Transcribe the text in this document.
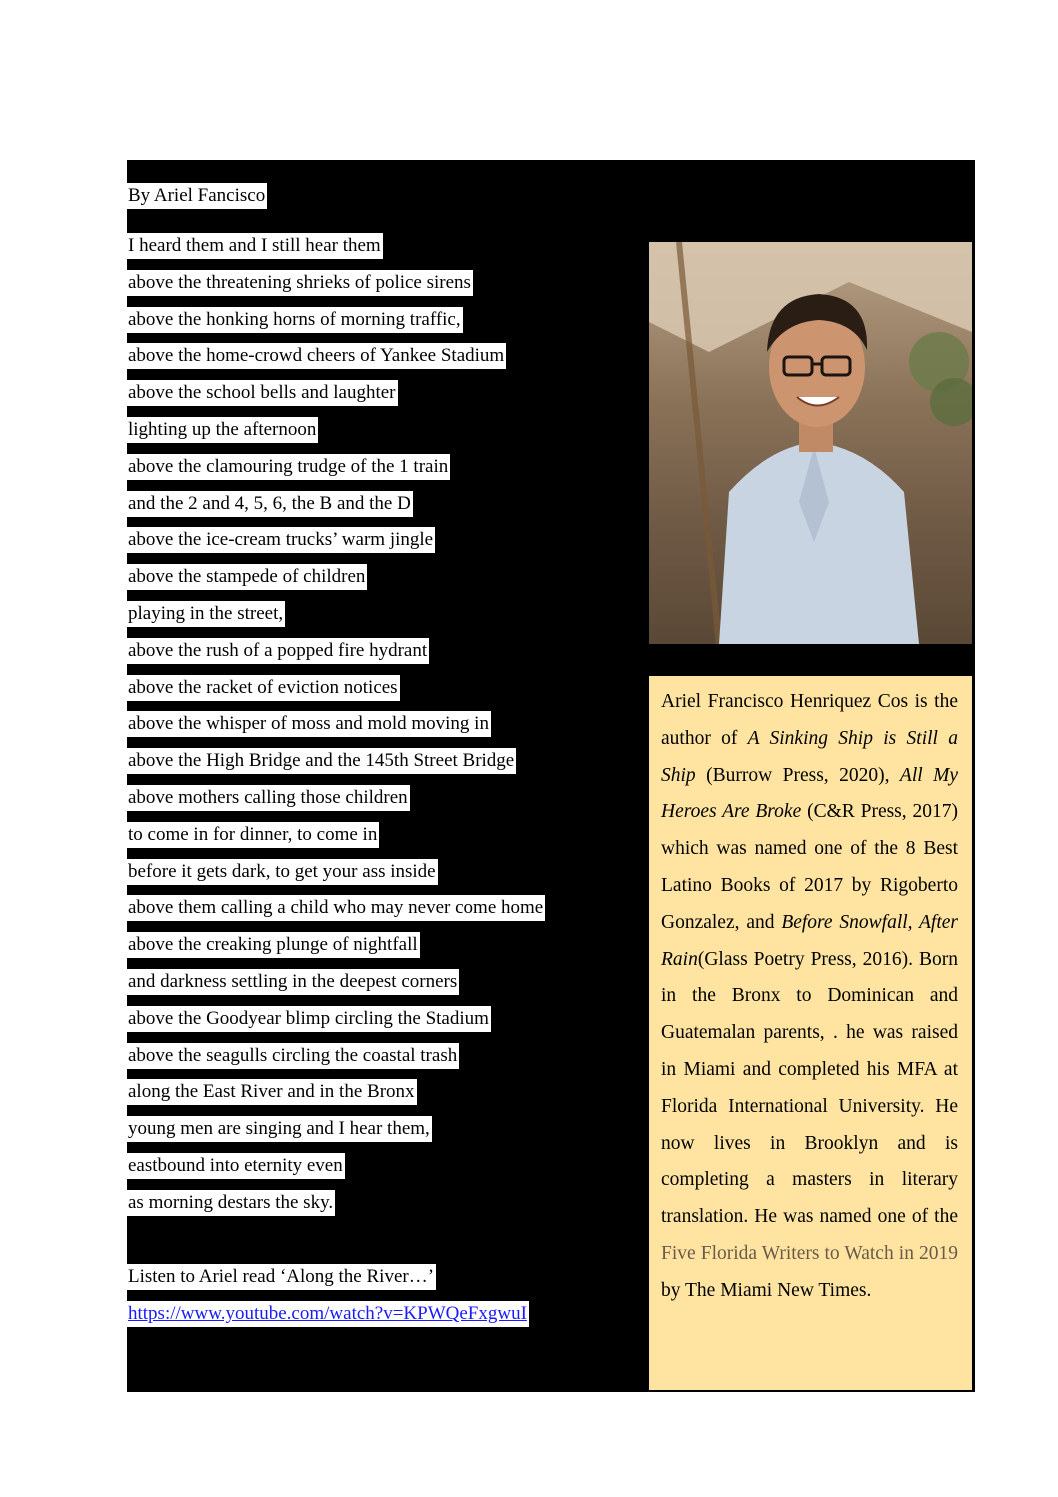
By Ariel Fancisco
I heard them and I still hear them
above the threatening shrieks of police sirens
above the honking horns of morning traffic,
above the home-crowd cheers of Yankee Stadium
above the school bells and laughter
lighting up the afternoon
above the clamouring trudge of the 1 train
and the 2 and 4, 5, 6, the B and the D
above the ice-cream trucks’ warm jingle
above the stampede of children
playing in the street,
above the rush of a popped fire hydrant
above the racket of eviction notices
above the whisper of moss and mold moving in
above the High Bridge and the 145th Street Bridge
above mothers calling those children
to come in for dinner, to come in
before it gets dark, to get your ass inside
above them calling a child who may never come home
above the creaking plunge of nightfall
and darkness settling in the deepest corners
above the Goodyear blimp circling the Stadium
above the seagulls circling the coastal trash
along the East River and in the Bronx
young men are singing and I hear them,
eastbound into eternity even
as morning destars the sky.
Listen to Ariel read ‘Along the River…’
https://www.youtube.com/watch?v=KPWQeFxgwuI
Ariel Francisco Henriquez Cos is the author of A Sinking Ship is Still a Ship (Burrow Press, 2020), All My Heroes Are Broke (C&R Press, 2017) which was named one of the 8 Best Latino Books of 2017 by Rigoberto Gonzalez, and Before Snowfall, After Rain(Glass Poetry Press, 2016). Born in the Bronx to Dominican and Guatemalan parents, . he was raised in Miami and completed his MFA at Florida International University. He now lives in Brooklyn and is completing a masters in literary translation. He was named one of the Five Florida Writers to Watch in 2019 by The Miami New Times.
